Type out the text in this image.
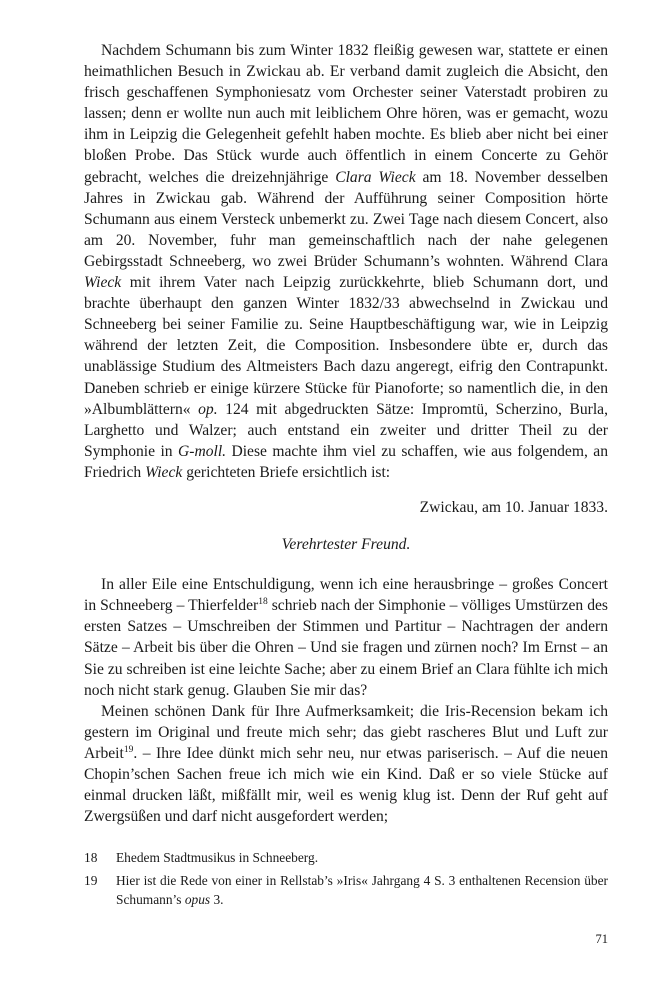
Nachdem Schumann bis zum Winter 1832 fleißig gewesen war, stattete er einen heimathlichen Besuch in Zwickau ab. Er verband damit zugleich die Absicht, den frisch geschaffenen Symphoniesatz vom Orchester seiner Vaterstadt probiren zu lassen; denn er wollte nun auch mit leiblichem Ohre hören, was er gemacht, wozu ihm in Leipzig die Gelegenheit gefehlt haben mochte. Es blieb aber nicht bei einer bloßen Probe. Das Stück wurde auch öffentlich in einem Concerte zu Gehör gebracht, welches die dreizehnjährige Clara Wieck am 18. November desselben Jahres in Zwickau gab. Während der Aufführung seiner Composition hörte Schumann aus einem Versteck unbemerkt zu. Zwei Tage nach diesem Concert, also am 20. November, fuhr man gemeinschaftlich nach der nahe gelegenen Gebirgsstadt Schneeberg, wo zwei Brüder Schumann’s wohnten. Während Clara Wieck mit ihrem Vater nach Leipzig zurückkehrte, blieb Schumann dort, und brachte überhaupt den ganzen Winter 1832/33 abwechselnd in Zwickau und Schneeberg bei seiner Familie zu. Seine Hauptbeschäftigung war, wie in Leipzig während der letzten Zeit, die Composition. Insbesondere übte er, durch das unablässige Studium des Altmeisters Bach dazu angeregt, eifrig den Contrapunkt. Daneben schrieb er einige kürzere Stücke für Pianoforte; so namentlich die, in den »Albumblättern« op. 124 mit abgedruckten Sätze: Impromtü, Scherzino, Burla, Larghetto und Walzer; auch entstand ein zweiter und dritter Theil zu der Symphonie in G-moll. Diese machte ihm viel zu schaffen, wie aus folgendem, an Friedrich Wieck gerichteten Briefe ersichtlich ist:

Zwickau, am 10. Januar 1833.

Verehrtester Freund.

In aller Eile eine Entschuldigung, wenn ich eine herausbringe – großes Concert in Schneeberg – Thierfelder$^{18}$ schrieb nach der Simphonie – völliges Umstürzen des ersten Satzes – Umschreiben der Stimmen und Partitur – Nachtragen der andern Sätze – Arbeit bis über die Ohren – Und sie fragen und zürnen noch? Im Ernst – an Sie zu schreiben ist eine leichte Sache; aber zu einem Brief an Clara fühlte ich mich noch nicht stark genug. Glauben Sie mir das?

Meinen schönen Dank für Ihre Aufmerksamkeit; die Iris-Recension bekam ich gestern im Original und freute mich sehr; das giebt rascheres Blut und Luft zur Arbeit$^{19}$. – Ihre Idee dünkt mich sehr neu, nur etwas pariserisch. – Auf die neuen Chopin’schen Sachen freue ich mich wie ein Kind. Daß er so viele Stücke auf einmal drucken läßt, mißfällt mir, weil es wenig klug ist. Denn der Ruf geht auf Zwergsüßen und darf nicht ausgefordert werden;

18	Ehedem Stadtmusikus in Schneeberg.
19	Hier ist die Rede von einer in Rellstab’s »Iris« Jahrgang 4 S. 3 enthaltenen Recension über Schumann’s opus 3.
71
